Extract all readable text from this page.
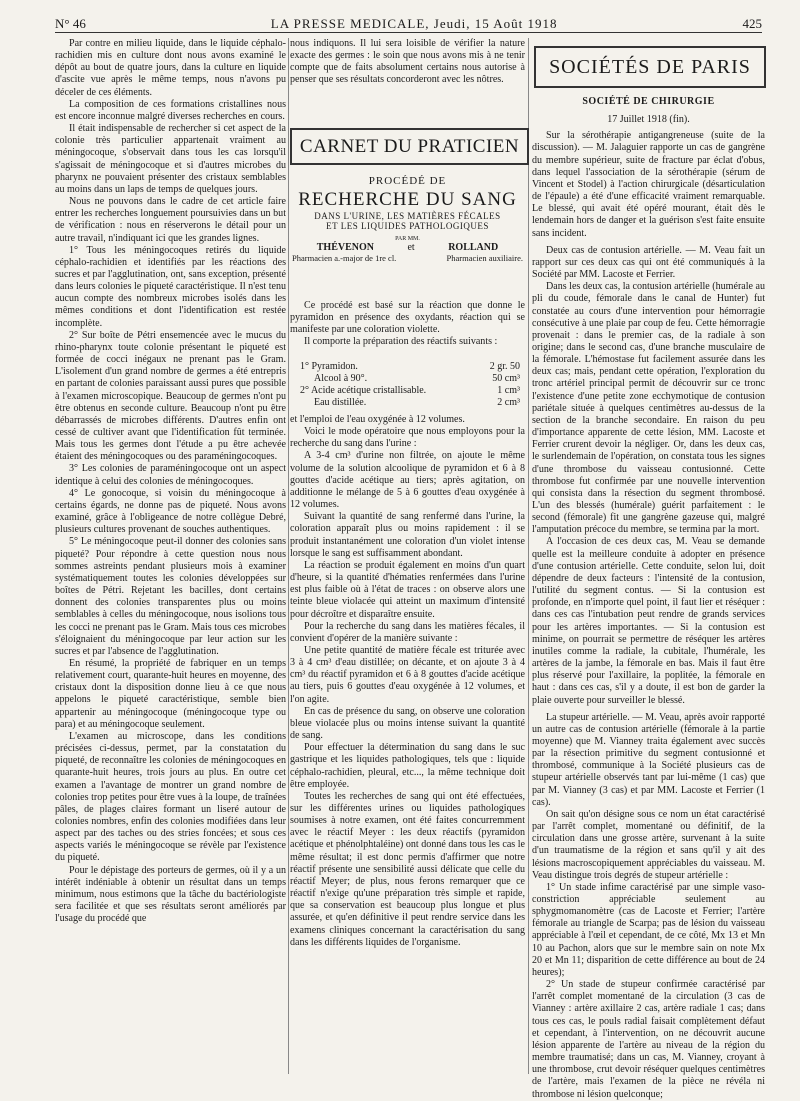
N° 46	LA PRESSE MEDICALE, Jeudi, 15 Août 1918	425

Par contre en milieu liquide, dans le liquide céphalo-rachidien mis en culture dont nous avons examiné le dépôt au bout de quatre jours, dans la culture en liquide d'ascite vue après le même temps, nous n'avons pu déceler de ces éléments.

La composition de ces formations cristallines nous est encore inconnue malgré diverses recherches en cours.

Il était indispensable de rechercher si cet aspect de la colonie très particulier appartenait vraiment au méningocoque, s'observait dans tous les cas lorsqu'il s'agissait de méningocoque et si d'autres microbes du pharynx ne pouvaient présenter des cristaux semblables au moins dans un laps de temps de quelques jours.

Nous ne pouvons dans le cadre de cet article faire entrer les recherches longuement poursuivies dans un but de vérification : nous en réserverons le détail pour un autre travail, n'indiquant ici que les grandes lignes.

1° Tous les méningocoques retirés du liquide céphalo-rachidien et identifiés par les réactions des sucres et par l'agglutination, ont, sans exception, présenté dans leurs colonies le piqueté caractéristique. Il n'est tenu aucun compte des nombreux microbes isolés dans les mêmes conditions et dont l'identification est restée incomplète.

2° Sur boîte de Pétri ensemencée avec le mucus du rhino-pharynx toute colonie présentant le piqueté est formée de cocci inégaux ne prenant pas le Gram. L'isolement d'un grand nombre de germes a été entrepris en partant de colonies paraissant aussi pures que possible à l'examen microscopique. Beaucoup de germes n'ont pu être obtenus en seconde culture. Beaucoup n'ont pu être débarrassés de microbes différents. D'autres enfin ont cessé de cultiver avant que l'identification fût terminée. Mais tous les germes dont l'étude a pu être achevée étaient des méningocoques ou des paraméningocoques.

3° Les colonies de paraméningocoque ont un aspect identique à celui des colonies de méningocoques.

4° Le gonocoque, si voisin du méningocoque à certains égards, ne donne pas de piqueté. Nous avons examiné, grâce à l'obligeance de notre collègue Debré, plusieurs cultures provenant de souches authentiques.

5° Le méningocoque peut-il donner des colonies sans piqueté? Pour répondre à cette question nous nous sommes astreints pendant plusieurs mois à examiner systématiquement toutes les colonies développées sur boîtes de Pétri. Rejetant les bacilles, dont certains donnent des colonies transparentes plus ou moins semblables à celles du méningocoque, nous isolions tous les cocci ne prenant pas le Gram. Mais tous ces microbes s'éloignaient du méningocoque par leur action sur les sucres et par l'absence de l'agglutination.

En résumé, la propriété de fabriquer en un temps relativement court, quarante-huit heures en moyenne, des cristaux dont la disposition donne lieu à ce que nous appelons le piqueté caractéristique, semble bien appartenir au méningocoque (méningocoque type ou para) et au méningocoque seulement.

L'examen au microscope, dans les conditions précisées ci-dessus, permet, par la constatation du piqueté, de reconnaître les colonies de méningocoques en quarante-huit heures, trois jours au plus. En outre cet examen a l'avantage de montrer un grand nombre de colonies trop petites pour être vues à la loupe, de traînées pâles, de plages claires formant un liseré autour de colonies nombres, enfin des colonies modifiées dans leur aspect par des taches ou des stries foncées; et sous ces aspects variés le méningocoque se révèle par l'existence du piqueté.

Pour le dépistage des porteurs de germes, où il y a un intérêt indéniable à obtenir un résultat dans un temps minimum, nous estimons que la tâche du bactériologiste sera facilitée et que ses résultats seront améliorés par l'usage du procédé que

nous indiquons. Il lui sera loisible de vérifier la nature exacte des germes : le soin que nous avons mis à ne tenir compte que de faits absolument certains nous autorise à penser que ses résultats concorderont avec les nôtres.

CARNET DU PRATICIEN
PROCÉDÉ DE
RECHERCHE DU SANG
DANS L'URINE, LES MATIÈRES FÉCALES
ET LES LIQUIDES PATHOLOGIQUES
PAR MM.
THÉVENON	et	ROLLAND
Pharmacien a.-major de 1re cl.	Pharmacien auxiliaire.

Ce procédé est basé sur la réaction que donne le pyramidon en présence des oxydants, réaction qui se manifeste par une coloration violette.

Il comporte la préparation des réactifs suivants :

1° Pyramidon.	2 gr. 50
Alcool à 90°.	50 cm³
2° Acide acétique cristallisable.	1 cm³
Eau distillée.	2 cm³

et l'emploi de l'eau oxygénée à 12 volumes.

Voici le mode opératoire que nous employons pour la recherche du sang dans l'urine :

A 3-4 cm³ d'urine non filtrée, on ajoute le même volume de la solution alcoolique de pyramidon et 6 à 8 gouttes d'acide acétique au tiers; après agitation, on additionne le mélange de 5 à 6 gouttes d'eau oxygénée à 12 volumes.

Suivant la quantité de sang renfermé dans l'urine, la coloration apparaît plus ou moins rapidement : il se produit instantanément une coloration d'un violet intense lorsque le sang est suffisamment abondant.

La réaction se produit également en moins d'un quart d'heure, si la quantité d'hématies renfermées dans l'urine est plus faible où à l'état de traces : on observe alors une teinte bleue violacée qui atteint un maximum d'intensité pour décroître et disparaître ensuite.

Pour la recherche du sang dans les matières fécales, il convient d'opérer de la manière suivante :

Une petite quantité de matière fécale est triturée avec 3 à 4 cm³ d'eau distillée; on décante, et on ajoute 3 à 4 cm³ du réactif pyramidon et 6 à 8 gouttes d'acide acétique au tiers, puis 6 gouttes d'eau oxygénée à 12 volumes, et l'on agite.

En cas de présence du sang, on observe une coloration bleue violacée plus ou moins intense suivant la quantité de sang.

Pour effectuer la détermination du sang dans le suc gastrique et les liquides pathologiques, tels que : liquide céphalo-rachidien, pleural, etc..., la même technique doit être employée.

Toutes les recherches de sang qui ont été effectuées, sur les différentes urines ou liquides pathologiques soumises à notre examen, ont été faites concurremment avec le réactif Meyer : les deux réactifs (pyramidon acétique et phénolphtaléine) ont donné dans tous les cas le même résultat; il est donc permis d'affirmer que notre réactif présente une sensibilité aussi délicate que celle du réactif Meyer; de plus, nous ferons remarquer que ce réactif n'exige qu'une préparation très simple et rapide, que sa conservation est beaucoup plus longue et plus assurée, et qu'en définitive il peut rendre service dans les examens cliniques concernant la caractérisation du sang dans les différents liquides de l'organisme.

SOCIÉTÉS DE PARIS
SOCIÉTÉ DE CHIRURGIE
17 Juillet 1918 (fin).

Sur la sérothérapie antigangreneuse (suite de la discussion). — M. Jalaguier rapporte un cas de gangrène du membre supérieur, suite de fracture par éclat d'obus, dans lequel l'association de la sérothérapie (sérum de Vincent et Stodel) à l'action chirurgicale (désarticulation de l'épaule) a été d'une efficacité vraiment remarquable. Le blessé, qui avait été opéré mourant, était dès le lendemain hors de danger et la guérison s'est faite ensuite sans incident.

Deux cas de contusion artérielle. — M. Veau fait un rapport sur ces deux cas qui ont été communiqués à la Société par MM. Lacoste et Ferrier.

Dans les deux cas, la contusion artérielle (humérale au pli du coude, fémorale dans le canal de Hunter) fut constatée au cours d'une intervention pour hémorragie consécutive à une plaie par coup de feu. Cette hémorragie provenait : dans le premier cas, de la radiale à son origine; dans le second cas, d'une branche musculaire de la fémorale. L'hémostase fut facilement assurée dans les deux cas; mais, pendant cette opération, l'exploration du tronc artériel principal permit de découvrir sur ce tronc l'existence d'une petite zone ecchymotique de contusion pariétale située à quelques centimètres au-dessus de la section de la branche secondaire. En raison du peu d'importance apparente de cette lésion, MM. Lacoste et Ferrier crurent devoir la négliger. Or, dans les deux cas, le surlendemain de l'opération, on constata tous les signes d'une thrombose du vaisseau contusionné. Cette thrombose fut confirmée par une nouvelle intervention qui consista dans la résection du segment thrombosé. L'un des blessés (humérale) guérit parfaitement : le second (fémorale) fit une gangrène gazeuse qui, malgré l'amputation précoce du membre, se termina par la mort.

A l'occasion de ces deux cas, M. Veau se demande quelle est la meilleure conduite à adopter en présence d'une contusion artérielle. Cette conduite, selon lui, doit dépendre de deux facteurs : l'intensité de la contusion, l'utilité du segment contus. — Si la contusion est profonde, en n'importe quel point, il faut lier et réséquer : dans ces cas l'intubation peut rendre de grands services pour les artères importantes. — Si la contusion est minime, on pourrait se permettre de réséquer les artères inutiles comme la radiale, la cubitale, l'humérale, les artères de la jambe, la fémorale en bas. Mais il faut être plus réservé pour l'axillaire, la poplitée, la fémorale en haut : dans ces cas, s'il y a doute, il est bon de garder la plaie ouverte pour surveiller le blessé.

La stupeur artérielle. — M. Veau, après avoir rapporté un autre cas de contusion artérielle (fémorale à la partie moyenne) que M. Vianney traita également avec succès par la résection primitive du segment contusionné et thrombosé, communique à la Société plusieurs cas de stupeur artérielle observés tant par lui-même (1 cas) que par M. Vianney (3 cas) et par MM. Lacoste et Ferrier (1 cas).

On sait qu'on désigne sous ce nom un état caractérisé par l'arrêt complet, momentané ou définitif, de la circulation dans une grosse artère, survenant à la suite d'un traumatisme de la région et sans qu'il y ait des lésions macroscopiquement appréciables du vaisseau. M. Veau distingue trois degrés de stupeur artérielle :

1° Un stade infime caractérisé par une simple vaso-constriction appréciable seulement au sphygmomanomètre (cas de Lacoste et Ferrier; l'artère fémorale au triangle de Scarpa; pas de lésion du vaisseau appréciable à l'œil et cependant, de ce côté, Mx 13 et Mn 10 au Pachon, alors que sur le membre sain on note Mx 20 et Mn 11; disparition de cette différence au bout de 24 heures);

2° Un stade de stupeur confirmée caractérisé par l'arrêt complet momentané de la circulation (3 cas de Vianney : artère axillaire 2 cas, artère radiale 1 cas; dans tous ces cas, le pouls radial faisait complètement défaut et cependant, à l'intervention, on ne découvrit aucune lésion apparente de l'artère au niveau de la région du membre traumatisé; dans un cas, M. Vianney, croyant à une thrombose, crut devoir réséquer quelques centimètres de l'artère, mais l'examen de la pièce ne révéla ni thrombose ni lésion quelconque;
